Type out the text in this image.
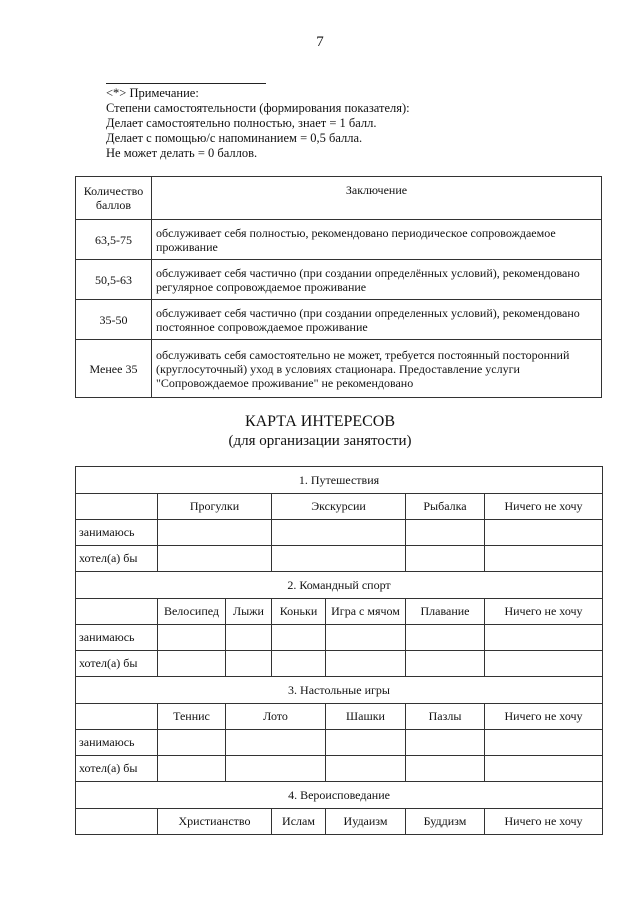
7
<*> Примечание:
Степени самостоятельности (формирования показателя):
Делает самостоятельно полностью, знает = 1 балл.
Делает с помощью/с напоминанием = 0,5 балла.
Не может делать = 0 баллов.
Количество баллов	Заключение
63,5-75	обслуживает себя полностью, рекомендовано периодическое сопровождаемое проживание
50,5-63	обслуживает себя частично (при создании определённых условий), рекомендовано регулярное сопровождаемое проживание
35-50	обслуживает себя частично (при создании определенных условий), рекомендовано постоянное сопровождаемое проживание
Менее 35	обслуживать себя самостоятельно не может, требуется постоянный посторонний (круглосуточный) уход в условиях стационара. Предоставление услуги "Сопровождаемое проживание" не рекомендовано
КАРТА ИНТЕРЕСОВ
(для организации занятости)
1. Путешествия						
	Прогулки		Экскурсии		Рыбалка	Ничего не хочу
занимаюсь						
хотел(а) бы						
2. Командный спорт						
	Велосипед	Лыжи	Коньки	Игра с мячом	Плавание	Ничего не хочу
занимаюсь						
хотел(а) бы						
3. Настольные игры						
	Теннис	Лото		Шашки	Пазлы	Ничего не хочу
занимаюсь						
хотел(а) бы						
4. Вероисповедание						
	Христианство		Ислам	Иудаизм	Буддизм	Ничего не хочу
